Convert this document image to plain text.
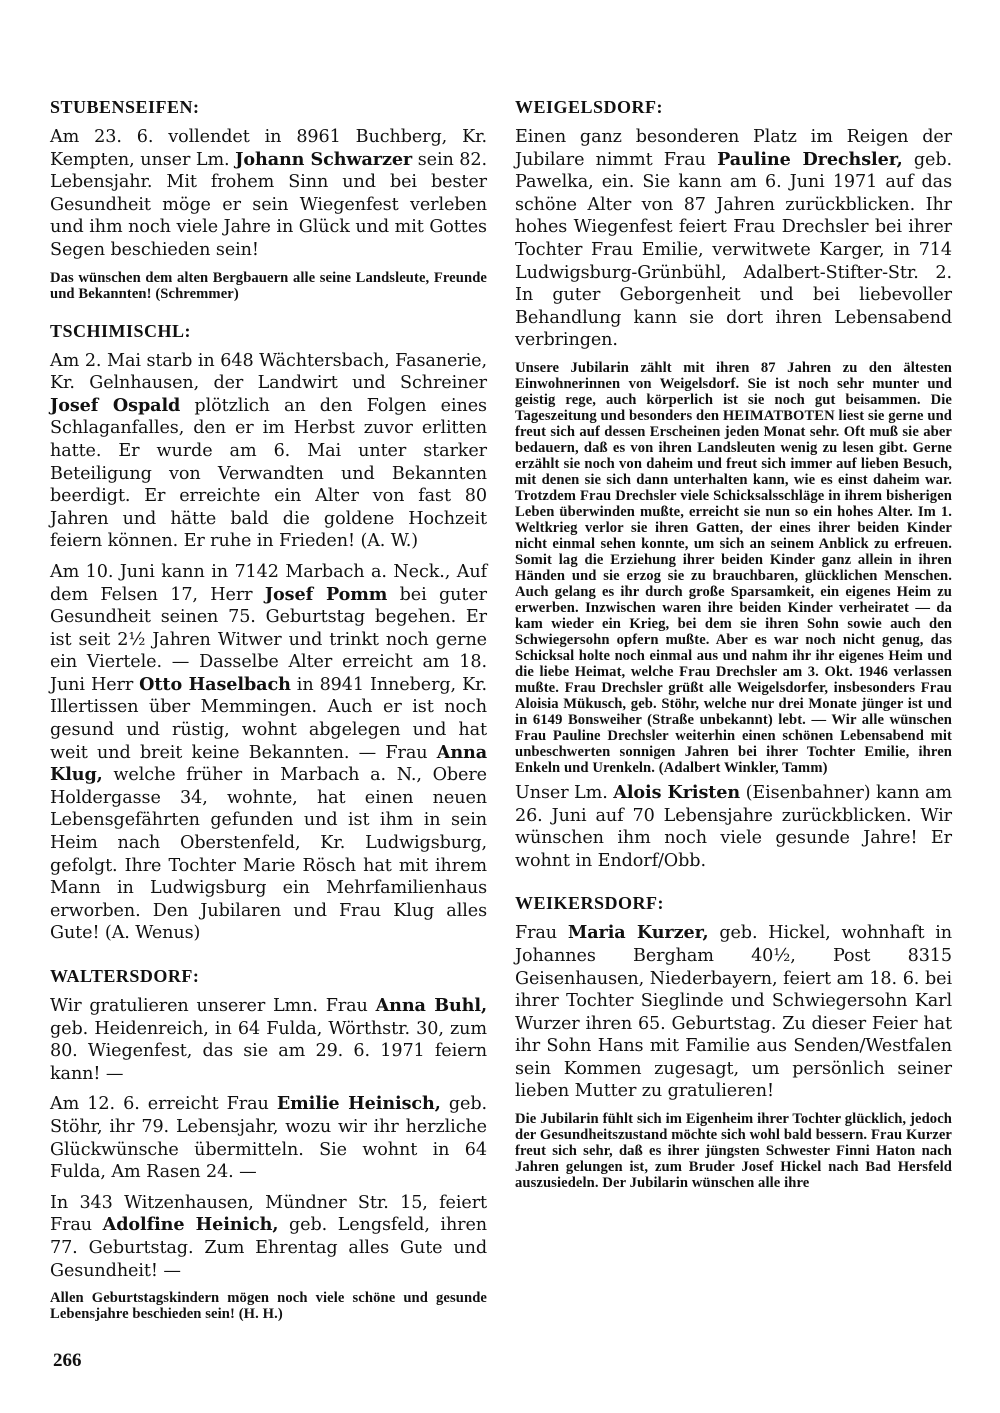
STUBENSEIFEN:

Am 23. 6. vollendet in 8961 Buchberg, Kr. Kempten, unser Lm. Johann Schwarzer sein 82. Lebensjahr. Mit frohem Sinn und bei bester Gesundheit möge er sein Wiegenfest verleben und ihm noch viele Jahre in Glück und mit Gottes Segen beschieden sein!

Das wünschen dem alten Bergbauern alle seine Landsleute, Freunde und Bekannten! (Schremmer)

TSCHIMISCHL:

Am 2. Mai starb in 648 Wächtersbach, Fasanerie, Kr. Gelnhausen, der Landwirt und Schreiner Josef Ospald plötzlich an den Folgen eines Schlaganfalles, den er im Herbst zuvor erlitten hatte. Er wurde am 6. Mai unter starker Beteiligung von Verwandten und Bekannten beerdigt. Er erreichte ein Alter von fast 80 Jahren und hätte bald die goldene Hochzeit feiern können. Er ruhe in Frieden! (A. W.)

Am 10. Juni kann in 7142 Marbach a. Neck., Auf dem Felsen 17, Herr Josef Pomm bei guter Gesundheit seinen 75. Geburtstag begehen. Er ist seit 2½ Jahren Witwer und trinkt noch gerne ein Viertele. — Dasselbe Alter erreicht am 18. Juni Herr Otto Haselbach in 8941 Inneberg, Kr. Illertissen über Memmingen. Auch er ist noch gesund und rüstig, wohnt abgelegen und hat weit und breit keine Bekannten. — Frau Anna Klug, welche früher in Marbach a. N., Obere Holdergasse 34, wohnte, hat einen neuen Lebensgefährten gefunden und ist ihm in sein Heim nach Oberstenfeld, Kr. Ludwigsburg, gefolgt. Ihre Tochter Marie Rösch hat mit ihrem Mann in Ludwigsburg ein Mehrfamilienhaus erworben. Den Jubilaren und Frau Klug alles Gute! (A. Wenus)

WALTERSDORF:

Wir gratulieren unserer Lmn. Frau Anna Buhl, geb. Heidenreich, in 64 Fulda, Wörthstr. 30, zum 80. Wiegenfest, das sie am 29. 6. 1971 feiern kann! —

Am 12. 6. erreicht Frau Emilie Heinisch, geb. Stöhr, ihr 79. Lebensjahr, wozu wir ihr herzliche Glückwünsche übermitteln. Sie wohnt in 64 Fulda, Am Rasen 24. —

In 343 Witzenhausen, Mündner Str. 15, feiert Frau Adolfine Heinich, geb. Lengsfeld, ihren 77. Geburtstag. Zum Ehrentag alles Gute und Gesundheit! —

Allen Geburtstagskindern mögen noch viele schöne und gesunde Lebensjahre beschieden sein! (H. H.)

266
WEIGELSDORF:

Einen ganz besonderen Platz im Reigen der Jubilare nimmt Frau Pauline Drechsler, geb. Pawelka, ein. Sie kann am 6. Juni 1971 auf das schöne Alter von 87 Jahren zurückblicken. Ihr hohes Wiegenfest feiert Frau Drechsler bei ihrer Tochter Frau Emilie, verwitwete Karger, in 714 Ludwigsburg-Grünbühl, Adalbert-Stifter-Str. 2. In guter Geborgenheit und bei liebevoller Behandlung kann sie dort ihren Lebensabend verbringen.

Unsere Jubilarin zählt mit ihren 87 Jahren zu den ältesten Einwohnerinnen von Weigelsdorf. Sie ist noch sehr munter und geistig rege, auch körperlich ist sie noch gut beisammen. Die Tageszeitung und besonders den HEIMATBOTEN liest sie gerne und freut sich auf dessen Erscheinen jeden Monat sehr. Oft muß sie aber bedauern, daß es von ihren Landsleuten wenig zu lesen gibt. Gerne erzählt sie noch von daheim und freut sich immer auf lieben Besuch, mit denen sie sich dann unterhalten kann, wie es einst daheim war. Trotzdem Frau Drechsler viele Schicksalsschläge in ihrem bisherigen Leben überwinden mußte, erreicht sie nun so ein hohes Alter. Im 1. Weltkrieg verlor sie ihren Gatten, der eines ihrer beiden Kinder nicht einmal sehen konnte, um sich an seinem Anblick zu erfreuen. Somit lag die Erziehung ihrer beiden Kinder ganz allein in ihren Händen und sie erzog sie zu brauchbaren, glücklichen Menschen. Auch gelang es ihr durch große Sparsamkeit, ein eigenes Heim zu erwerben. Inzwischen waren ihre beiden Kinder verheiratet — da kam wieder ein Krieg, bei dem sie ihren Sohn sowie auch den Schwiegersohn opfern mußte. Aber es war noch nicht genug, das Schicksal holte noch einmal aus und nahm ihr ihr eigenes Heim und die liebe Heimat, welche Frau Drechsler am 3. Okt. 1946 verlassen mußte. Frau Drechsler grüßt alle Weigelsdorfer, insbesonders Frau Aloisia Mükusch, geb. Stöhr, welche nur drei Monate jünger ist und in 6149 Bonsweiher (Straße unbekannt) lebt. — Wir alle wünschen Frau Pauline Drechsler weiterhin einen schönen Lebensabend mit unbeschwerten sonnigen Jahren bei ihrer Tochter Emilie, ihren Enkeln und Urenkeln. (Adalbert Winkler, Tamm)

Unser Lm. Alois Kristen (Eisenbahner) kann am 26. Juni auf 70 Lebensjahre zurückblicken. Wir wünschen ihm noch viele gesunde Jahre! Er wohnt in Endorf/Obb.

WEIKERSDORF:

Frau Maria Kurzer, geb. Hickel, wohnhaft in Johannes Bergham 40½, Post 8315 Geisenhausen, Niederbayern, feiert am 18. 6. bei ihrer Tochter Sieglinde und Schwiegersohn Karl Wurzer ihren 65. Geburtstag. Zu dieser Feier hat ihr Sohn Hans mit Familie aus Senden/Westfalen sein Kommen zugesagt, um persönlich seiner lieben Mutter zu gratulieren!

Die Jubilarin fühlt sich im Eigenheim ihrer Tochter glücklich, jedoch der Gesundheitszustand möchte sich wohl bald bessern. Frau Kurzer freut sich sehr, daß es ihrer jüngsten Schwester Finni Haton nach Jahren gelungen ist, zum Bruder Josef Hickel nach Bad Hersfeld auszusiedeln. Der Jubilarin wünschen alle ihre
